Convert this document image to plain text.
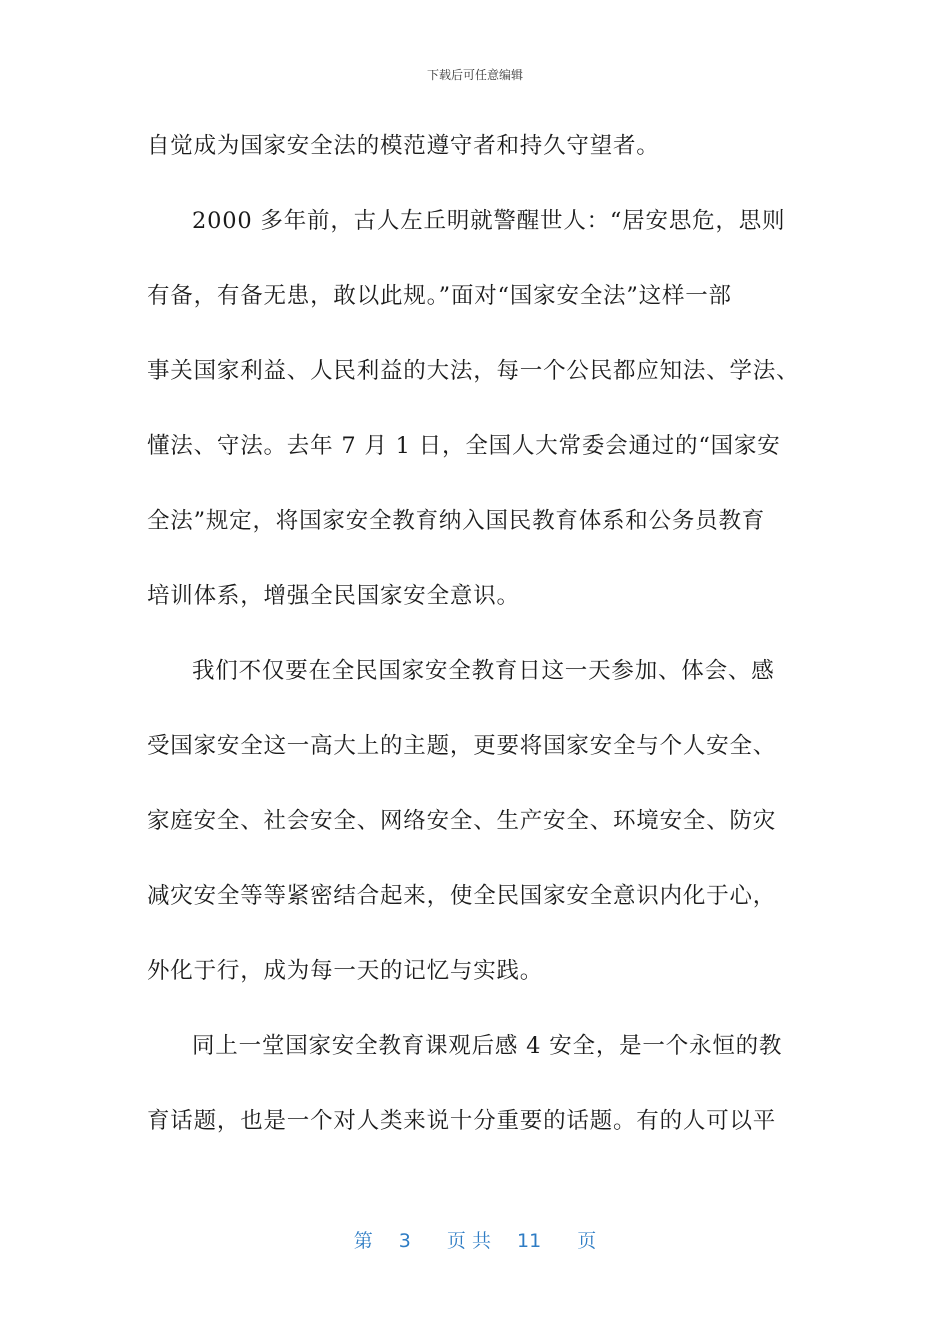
下载后可任意编辑
自觉成为国家安全法的模范遵守者和持久守望者。
2000 多年前，古人左丘明就警醒世人：“居安思危，思则
有备，有备无患，敢以此规。”面对“国家安全法”这样一部
事关国家利益、人民利益的大法，每一个公民都应知法、学法、
懂法、守法。去年 7 月 1 日，全国人大常委会通过的“国家安
全法”规定，将国家安全教育纳入国民教育体系和公务员教育
培训体系，增强全民国家安全意识。
我们不仅要在全民国家安全教育日这一天参加、体会、感
受国家安全这一高大上的主题，更要将国家安全与个人安全、
家庭安全、社会安全、网络安全、生产安全、环境安全、防灾
减灾安全等等紧密结合起来，使全民国家安全意识内化于心，
外化于行，成为每一天的记忆与实践。
同上一堂国家安全教育课观后感 4 安全，是一个永恒的教
育话题，也是一个对人类来说十分重要的话题。有的人可以平
第 3 页 共 11 页
